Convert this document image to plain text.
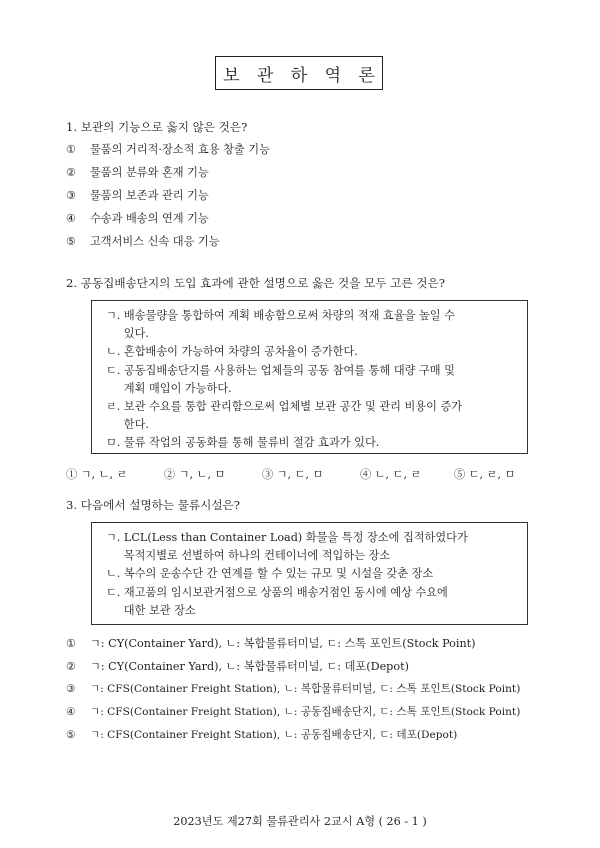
보 관 하 역 론
1. 보관의 기능으로 옳지 않은 것은?
① 물품의 거리적·장소적 효용 창출 기능
② 물품의 분류와 혼재 기능
③ 물품의 보존과 관리 기능
④ 수송과 배송의 연계 기능
⑤ 고객서비스 신속 대응 기능
2. 공동집배송단지의 도입 효과에 관한 설명으로 옳은 것을 모두 고른 것은?
ㄱ. 배송물량을 통합하여 계획 배송함으로써 차량의 적재 효율을 높일 수
있다.
ㄴ. 혼합배송이 가능하여 차량의 공차율이 증가한다.
ㄷ. 공동집배송단지를 사용하는 업체들의 공동 참여를 통해 대량 구매 및
계획 매입이 가능하다.
ㄹ. 보관 수요를 통합 관리함으로써 업체별 보관 공간 및 관리 비용이 증가
한다.
ㅁ. 물류 작업의 공동화를 통해 물류비 절감 효과가 있다.
① ㄱ, ㄴ, ㄹ	② ㄱ, ㄴ, ㅁ	③ ㄱ, ㄷ, ㅁ	④ ㄴ, ㄷ, ㄹ	⑤ ㄷ, ㄹ, ㅁ
3. 다음에서 설명하는 물류시설은?
ㄱ. LCL(Less than Container Load) 화물을 특정 장소에 집적하였다가
목적지별로 선별하여 하나의 컨테이너에 적입하는 장소
ㄴ. 복수의 운송수단 간 연계를 할 수 있는 규모 및 시설을 갖춘 장소
ㄷ. 재고품의 임시보관거점으로 상품의 배송거점인 동시에 예상 수요에
대한 보관 장소
① ㄱ: CY(Container Yard), ㄴ: 복합물류터미널, ㄷ: 스톡 포인트(Stock Point)
② ㄱ: CY(Container Yard), ㄴ: 복합물류터미널, ㄷ: 데포(Depot)
③ ㄱ: CFS(Container Freight Station), ㄴ: 복합물류터미널, ㄷ: 스톡 포인트(Stock Point)
④ ㄱ: CFS(Container Freight Station), ㄴ: 공동집배송단지, ㄷ: 스톡 포인트(Stock Point)
⑤ ㄱ: CFS(Container Freight Station), ㄴ: 공동집배송단지, ㄷ: 데포(Depot)
2023년도 제27회 물류관리사 2교시 A형 ( 26 - 1 )
